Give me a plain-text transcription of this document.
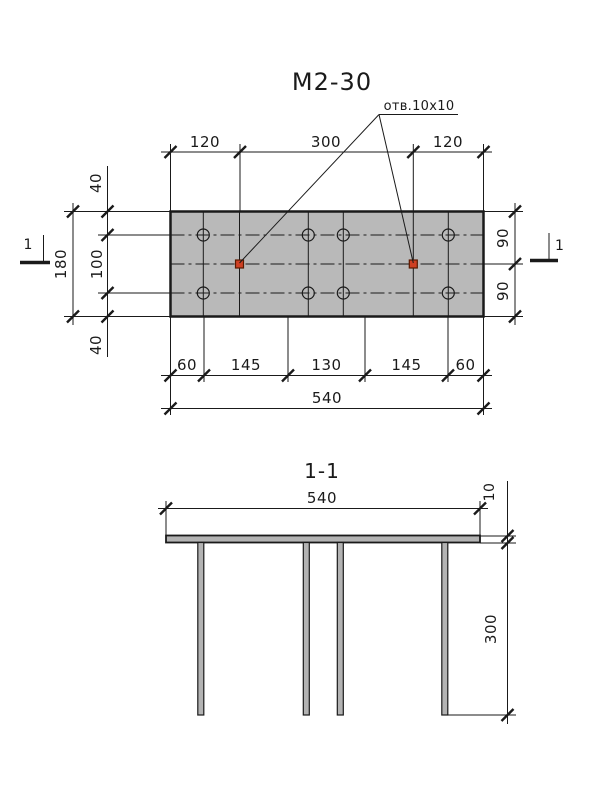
М2-30
отв.10х10
120	300	120
40
100
40
180
90
90
60 145	130	145 60
540
1	1
1-1
540	10
300
